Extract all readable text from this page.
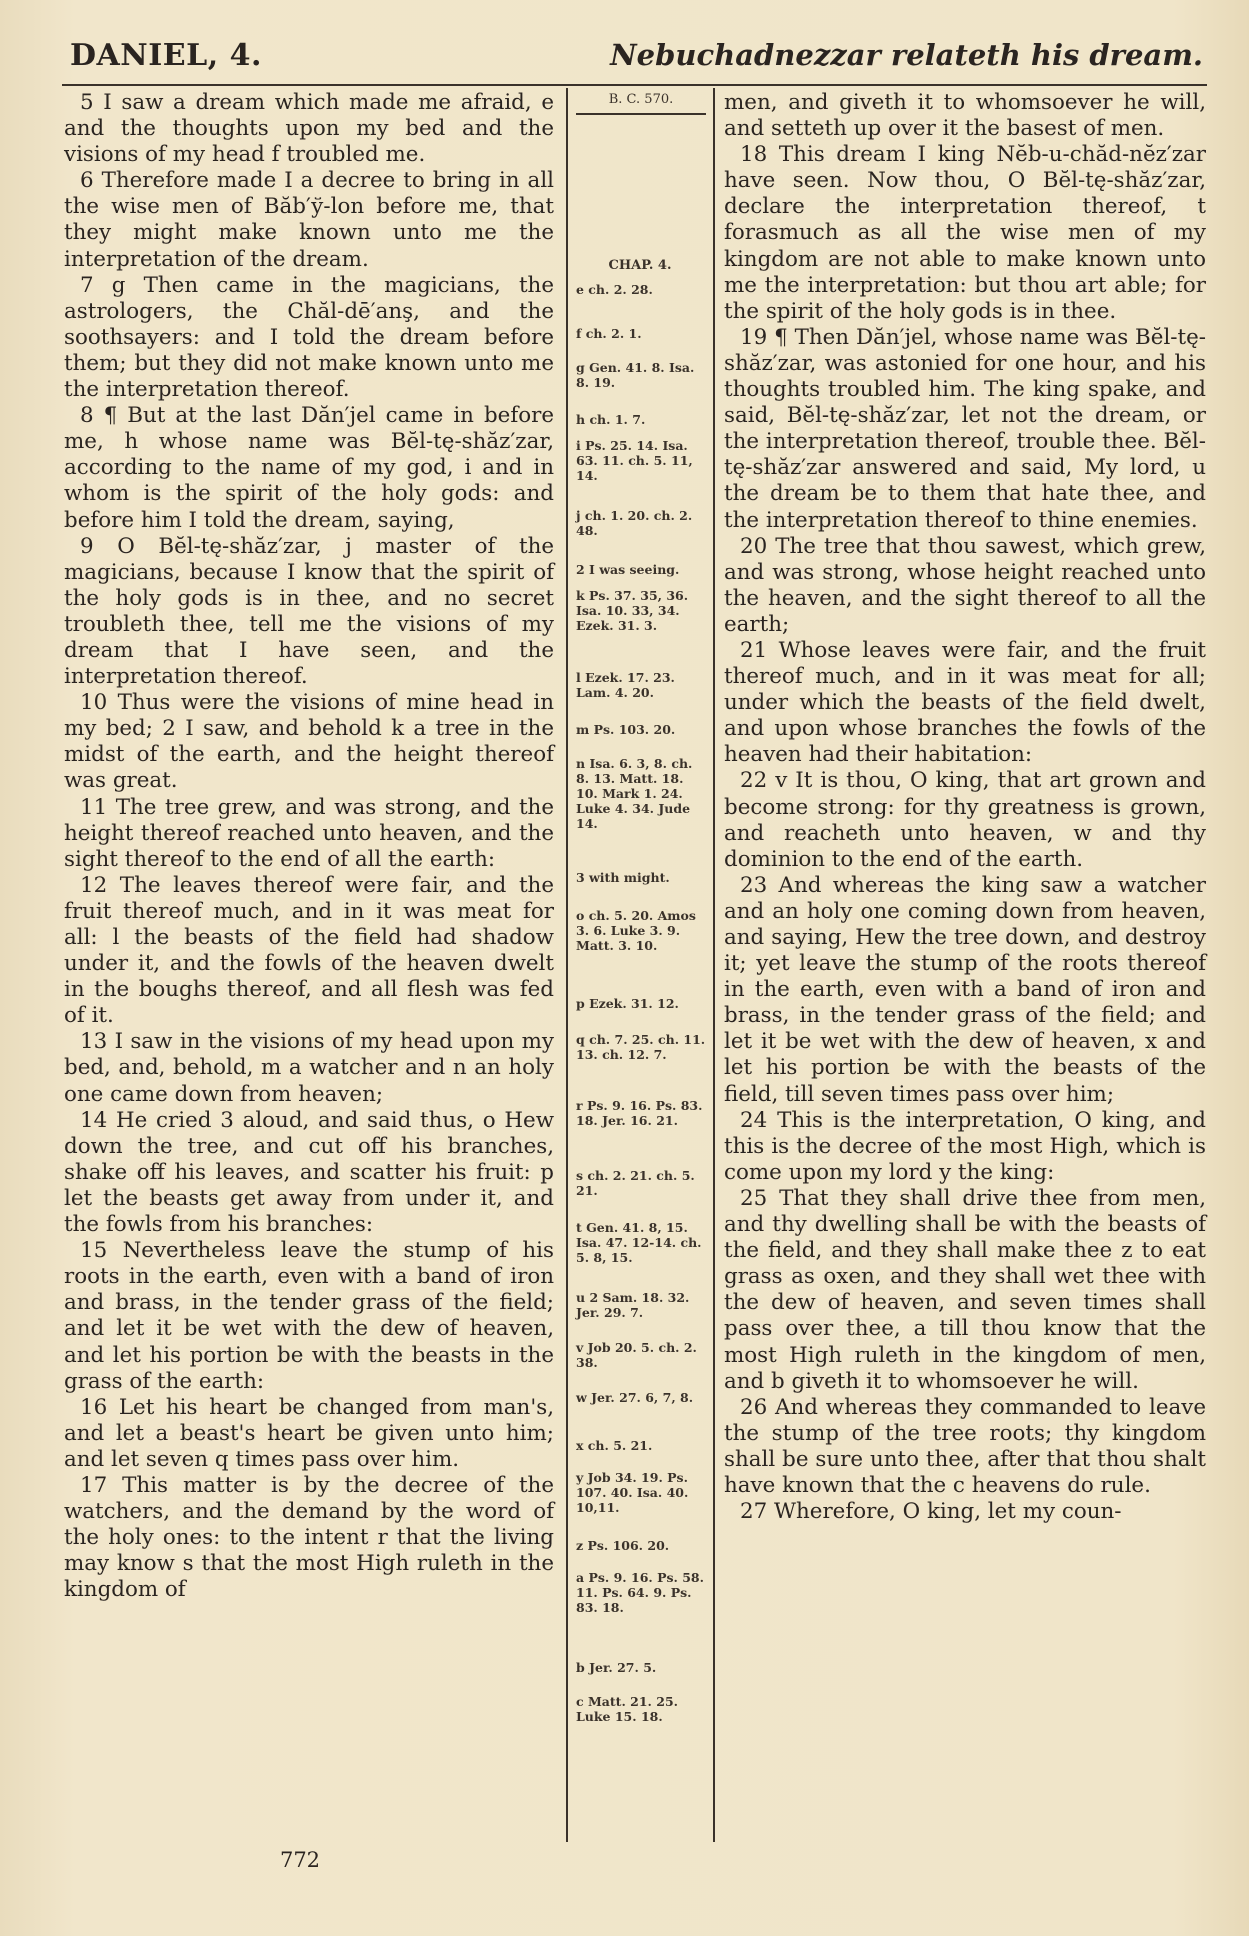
DANIEL, 4.	Nebuchadnezzar relateth his dream.

5 I saw a dream which made me afraid, e and the thoughts upon my bed and the visions of my head f troubled me.

6 Therefore made I a decree to bring in all the wise men of Băb′ў-lon before me, that they might make known unto me the interpretation of the dream.

7 g Then came in the magicians, the astrologers, the Chăl-dē′anş, and the soothsayers: and I told the dream before them; but they did not make known unto me the interpretation thereof.

8 ¶ But at the last Dăn′jel came in before me, h whose name was Bĕl-tę-shăz′zar, according to the name of my god, i and in whom is the spirit of the holy gods: and before him I told the dream, saying,

9 O Bĕl-tę-shăz′zar, j master of the magicians, because I know that the spirit of the holy gods is in thee, and no secret troubleth thee, tell me the visions of my dream that I have seen, and the interpretation thereof.

10 Thus were the visions of mine head in my bed; 2 I saw, and behold k a tree in the midst of the earth, and the height thereof was great.

11 The tree grew, and was strong, and the height thereof reached unto heaven, and the sight thereof to the end of all the earth:

12 The leaves thereof were fair, and the fruit thereof much, and in it was meat for all: l the beasts of the field had shadow under it, and the fowls of the heaven dwelt in the boughs thereof, and all flesh was fed of it.

13 I saw in the visions of my head upon my bed, and, behold, m a watcher and n an holy one came down from heaven;

14 He cried 3 aloud, and said thus, o Hew down the tree, and cut off his branches, shake off his leaves, and scatter his fruit: p let the beasts get away from under it, and the fowls from his branches:

15 Nevertheless leave the stump of his roots in the earth, even with a band of iron and brass, in the tender grass of the field; and let it be wet with the dew of heaven, and let his portion be with the beasts in the grass of the earth:

16 Let his heart be changed from man's, and let a beast's heart be given unto him; and let seven q times pass over him.

17 This matter is by the decree of the watchers, and the demand by the word of the holy ones: to the intent r that the living may know s that the most High ruleth in the kingdom of

B. C. 570.
CHAP. 4.
e ch. 2. 28.
f ch. 2. 1.
g Gen. 41. 8. Isa. 8. 19.
h ch. 1. 7.
i Ps. 25. 14. Isa. 63. 11. ch. 5. 11, 14.
j ch. 1. 20. ch. 2. 48.
2 I was seeing.
k Ps. 37. 35, 36. Isa. 10. 33, 34. Ezek. 31. 3.
l Ezek. 17. 23. Lam. 4. 20.
m Ps. 103. 20.
n Isa. 6. 3, 8. ch. 8. 13. Matt. 18. 10. Mark 1. 24. Luke 4. 34. Jude 14.
3 with might.
o ch. 5. 20. Amos 3. 6. Luke 3. 9. Matt. 3. 10.
p Ezek. 31. 12.
q ch. 7. 25. ch. 11. 13. ch. 12. 7.
r Ps. 9. 16. Ps. 83. 18. Jer. 16. 21.
s ch. 2. 21. ch. 5. 21.
t Gen. 41. 8, 15. Isa. 47. 12-14. ch. 5. 8, 15.
u 2 Sam. 18. 32. Jer. 29. 7.
v Job 20. 5. ch. 2. 38.
w Jer. 27. 6, 7, 8.
x ch. 5. 21.
y Job 34. 19. Ps. 107. 40. Isa. 40. 10,11.
z Ps. 106. 20.
a Ps. 9. 16. Ps. 58. 11. Ps. 64. 9. Ps. 83. 18.
b Jer. 27. 5.
c Matt. 21. 25. Luke 15. 18.

men, and giveth it to whomsoever he will, and setteth up over it the basest of men.

18 This dream I king Nĕb-u-chăd-nĕz′zar have seen. Now thou, O Bĕl-tę-shăz′zar, declare the interpretation thereof, t forasmuch as all the wise men of my kingdom are not able to make known unto me the interpretation: but thou art able; for the spirit of the holy gods is in thee.

19 ¶ Then Dăn′jel, whose name was Bĕl-tę-shăz′zar, was astonied for one hour, and his thoughts troubled him. The king spake, and said, Bĕl-tę-shăz′zar, let not the dream, or the interpretation thereof, trouble thee. Bĕl-tę-shăz′zar answered and said, My lord, u the dream be to them that hate thee, and the interpretation thereof to thine enemies.

20 The tree that thou sawest, which grew, and was strong, whose height reached unto the heaven, and the sight thereof to all the earth;

21 Whose leaves were fair, and the fruit thereof much, and in it was meat for all; under which the beasts of the field dwelt, and upon whose branches the fowls of the heaven had their habitation:

22 v It is thou, O king, that art grown and become strong: for thy greatness is grown, and reacheth unto heaven, w and thy dominion to the end of the earth.

23 And whereas the king saw a watcher and an holy one coming down from heaven, and saying, Hew the tree down, and destroy it; yet leave the stump of the roots thereof in the earth, even with a band of iron and brass, in the tender grass of the field; and let it be wet with the dew of heaven, x and let his portion be with the beasts of the field, till seven times pass over him;

24 This is the interpretation, O king, and this is the decree of the most High, which is come upon my lord y the king:

25 That they shall drive thee from men, and thy dwelling shall be with the beasts of the field, and they shall make thee z to eat grass as oxen, and they shall wet thee with the dew of heaven, and seven times shall pass over thee, a till thou know that the most High ruleth in the kingdom of men, and b giveth it to whomsoever he will.

26 And whereas they commanded to leave the stump of the tree roots; thy kingdom shall be sure unto thee, after that thou shalt have known that the c heavens do rule.

27 Wherefore, O king, let my coun-

772
